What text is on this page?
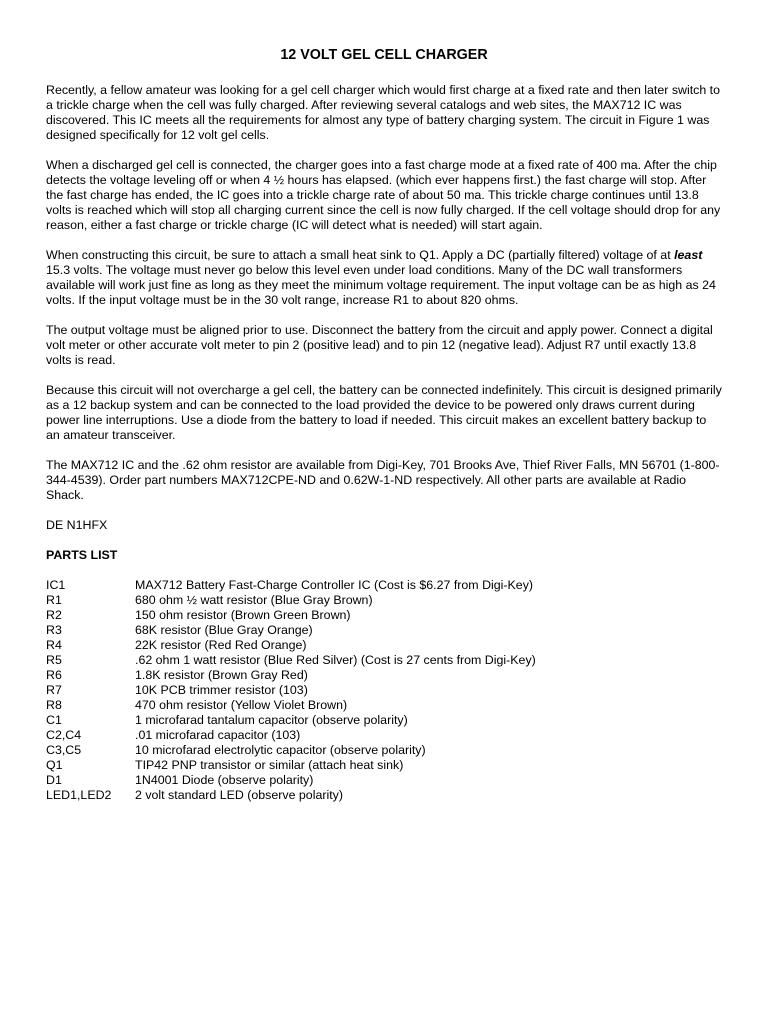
12 VOLT GEL CELL CHARGER

Recently, a fellow amateur was looking for a gel cell charger which would first charge at a fixed rate and then later switch to a trickle charge when the cell was fully charged. After reviewing several catalogs and web sites, the MAX712 IC was discovered. This IC meets all the requirements for almost any type of battery charging system. The circuit in Figure 1 was designed specifically for 12 volt gel cells.

When a discharged gel cell is connected, the charger goes into a fast charge mode at a fixed rate of 400 ma. After the chip detects the voltage leveling off or when 4 ½ hours has elapsed. (which ever happens first.) the fast charge will stop. After the fast charge has ended, the IC goes into a trickle charge rate of about 50 ma. This trickle charge continues until 13.8 volts is reached which will stop all charging current since the cell is now fully charged. If the cell voltage should drop for any reason, either a fast charge or trickle charge (IC will detect what is needed) will start again.

When constructing this circuit, be sure to attach a small heat sink to Q1. Apply a DC (partially filtered) voltage of at least 15.3 volts. The voltage must never go below this level even under load conditions. Many of the DC wall transformers available will work just fine as long as they meet the minimum voltage requirement. The input voltage can be as high as 24 volts. If the input voltage must be in the 30 volt range, increase R1 to about 820 ohms.

The output voltage must be aligned prior to use. Disconnect the battery from the circuit and apply power. Connect a digital volt meter or other accurate volt meter to pin 2 (positive lead) and to pin 12 (negative lead). Adjust R7 until exactly 13.8 volts is read.

Because this circuit will not overcharge a gel cell, the battery can be connected indefinitely. This circuit is designed primarily as a 12 backup system and can be connected to the load provided the device to be powered only draws current during power line interruptions. Use a diode from the battery to load if needed. This circuit makes an excellent battery backup to an amateur transceiver.

The MAX712 IC and the .62 ohm resistor are available from Digi-Key, 701 Brooks Ave, Thief River Falls, MN 56701 (1-800-344-4539). Order part numbers MAX712CPE-ND and 0.62W-1-ND respectively. All other parts are available at Radio Shack.

DE N1HFX

PARTS LIST
IC1	MAX712 Battery Fast-Charge Controller IC (Cost is $6.27 from Digi-Key)
R1	680 ohm ½ watt resistor (Blue Gray Brown)
R2	150 ohm resistor (Brown Green Brown)
R3	68K resistor (Blue Gray Orange)
R4	22K resistor (Red Red Orange)
R5	.62 ohm 1 watt resistor (Blue Red Silver) (Cost is 27 cents from Digi-Key)
R6	1.8K resistor (Brown Gray Red)
R7	10K PCB trimmer resistor (103)
R8	470 ohm resistor (Yellow Violet Brown)
C1	1 microfarad tantalum capacitor (observe polarity)
C2,C4	.01 microfarad capacitor (103)
C3,C5	10 microfarad electrolytic capacitor (observe polarity)
Q1	TIP42 PNP transistor or similar (attach heat sink)
D1	1N4001 Diode (observe polarity)
LED1,LED2	2 volt standard LED (observe polarity)
